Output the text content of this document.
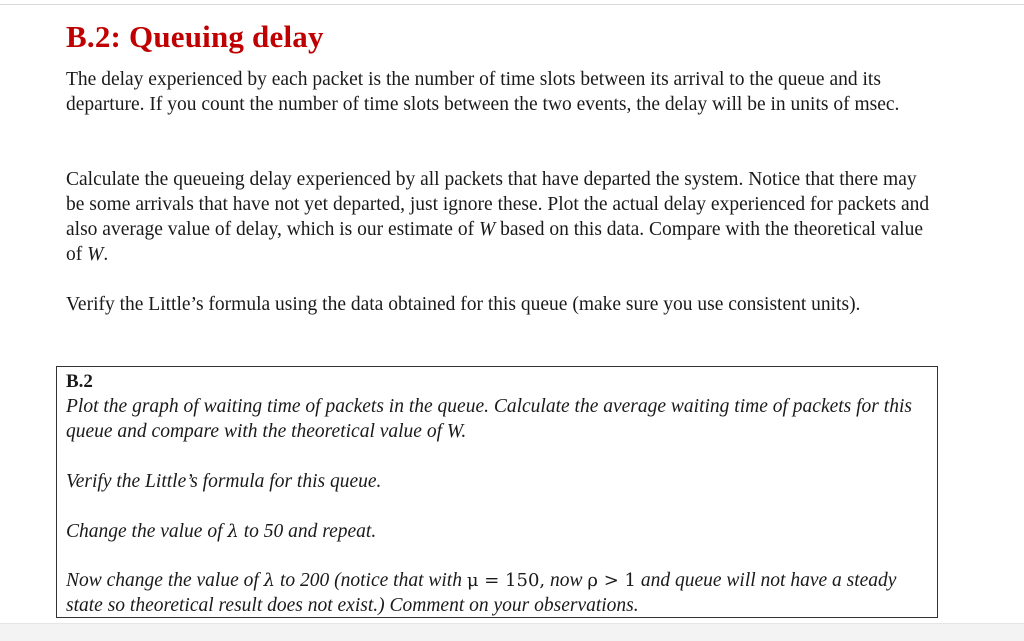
B.2: Queuing delay

The delay experienced by each packet is the number of time slots between its arrival to the queue and its departure. If you count the number of time slots between the two events, the delay will be in units of msec.

Calculate the queueing delay experienced by all packets that have departed the system. Notice that there may be some arrivals that have not yet departed, just ignore these. Plot the actual delay experienced for packets and also average value of delay, which is our estimate of W based on this data. Compare with the theoretical value of W.

Verify the Little’s formula using the data obtained for this queue (make sure you use consistent units).

B.2

Plot the graph of waiting time of packets in the queue. Calculate the average waiting time of packets for this queue and compare with the theoretical value of W.

Verify the Little’s formula for this queue.

Change the value of λ to 50 and repeat.

Now change the value of λ to 200 (notice that with μ = 150, now ρ > 1 and queue will not have a steady state so theoretical result does not exist.) Comment on your observations.
